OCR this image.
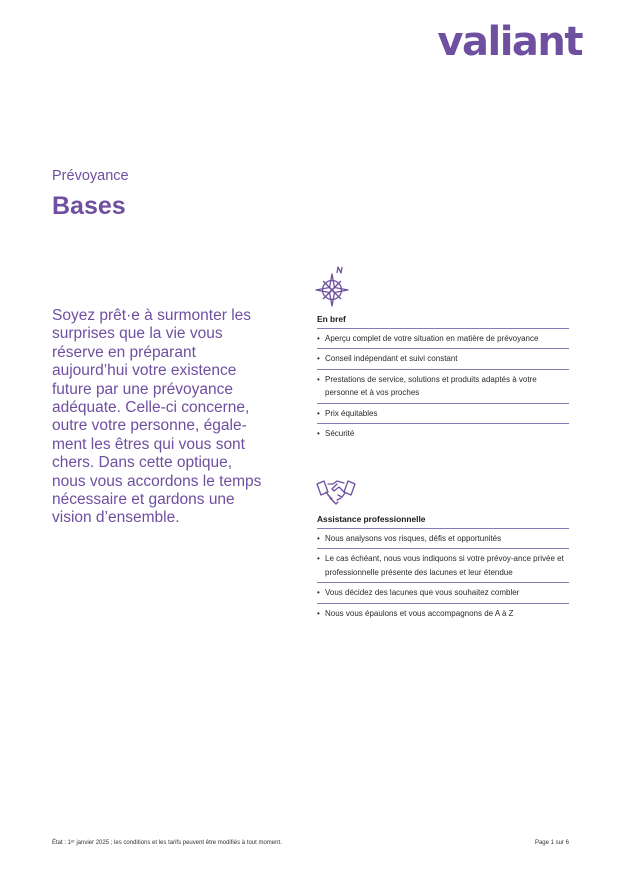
valiant
Prévoyance
Bases

Soyez prêt·e à surmonter les surprises que la vie vous réserve en préparant aujourd’hui votre existence future par une prévoyance adéquate. Celle-ci concerne, outre votre personne, égale-ment les êtres qui vous sont chers. Dans cette optique, nous vous accordons le temps nécessaire et gardons une vision d’ensemble.

En bref
• Aperçu complet de votre situation en matière de prévoyance
• Conseil indépendant et suivi constant
• Prestations de service, solutions et produits adaptés à votre personne et à vos proches
• Prix équitables
• Sécurité
Assistance professionnelle
• Nous analysons vos risques, défis et opportunités
• Le cas échéant, nous vous indiquons si votre prévoy-ance privée et professionnelle présente des lacunes et leur étendue
• Vous décidez des lacunes que vous souhaitez combler
• Nous vous épaulons et vous accompagnons de A à Z
État : 1ᵉʳ janvier 2025 ; les conditions et les tarifs peuvent être modifiés à tout moment.	Page 1 sur 6
